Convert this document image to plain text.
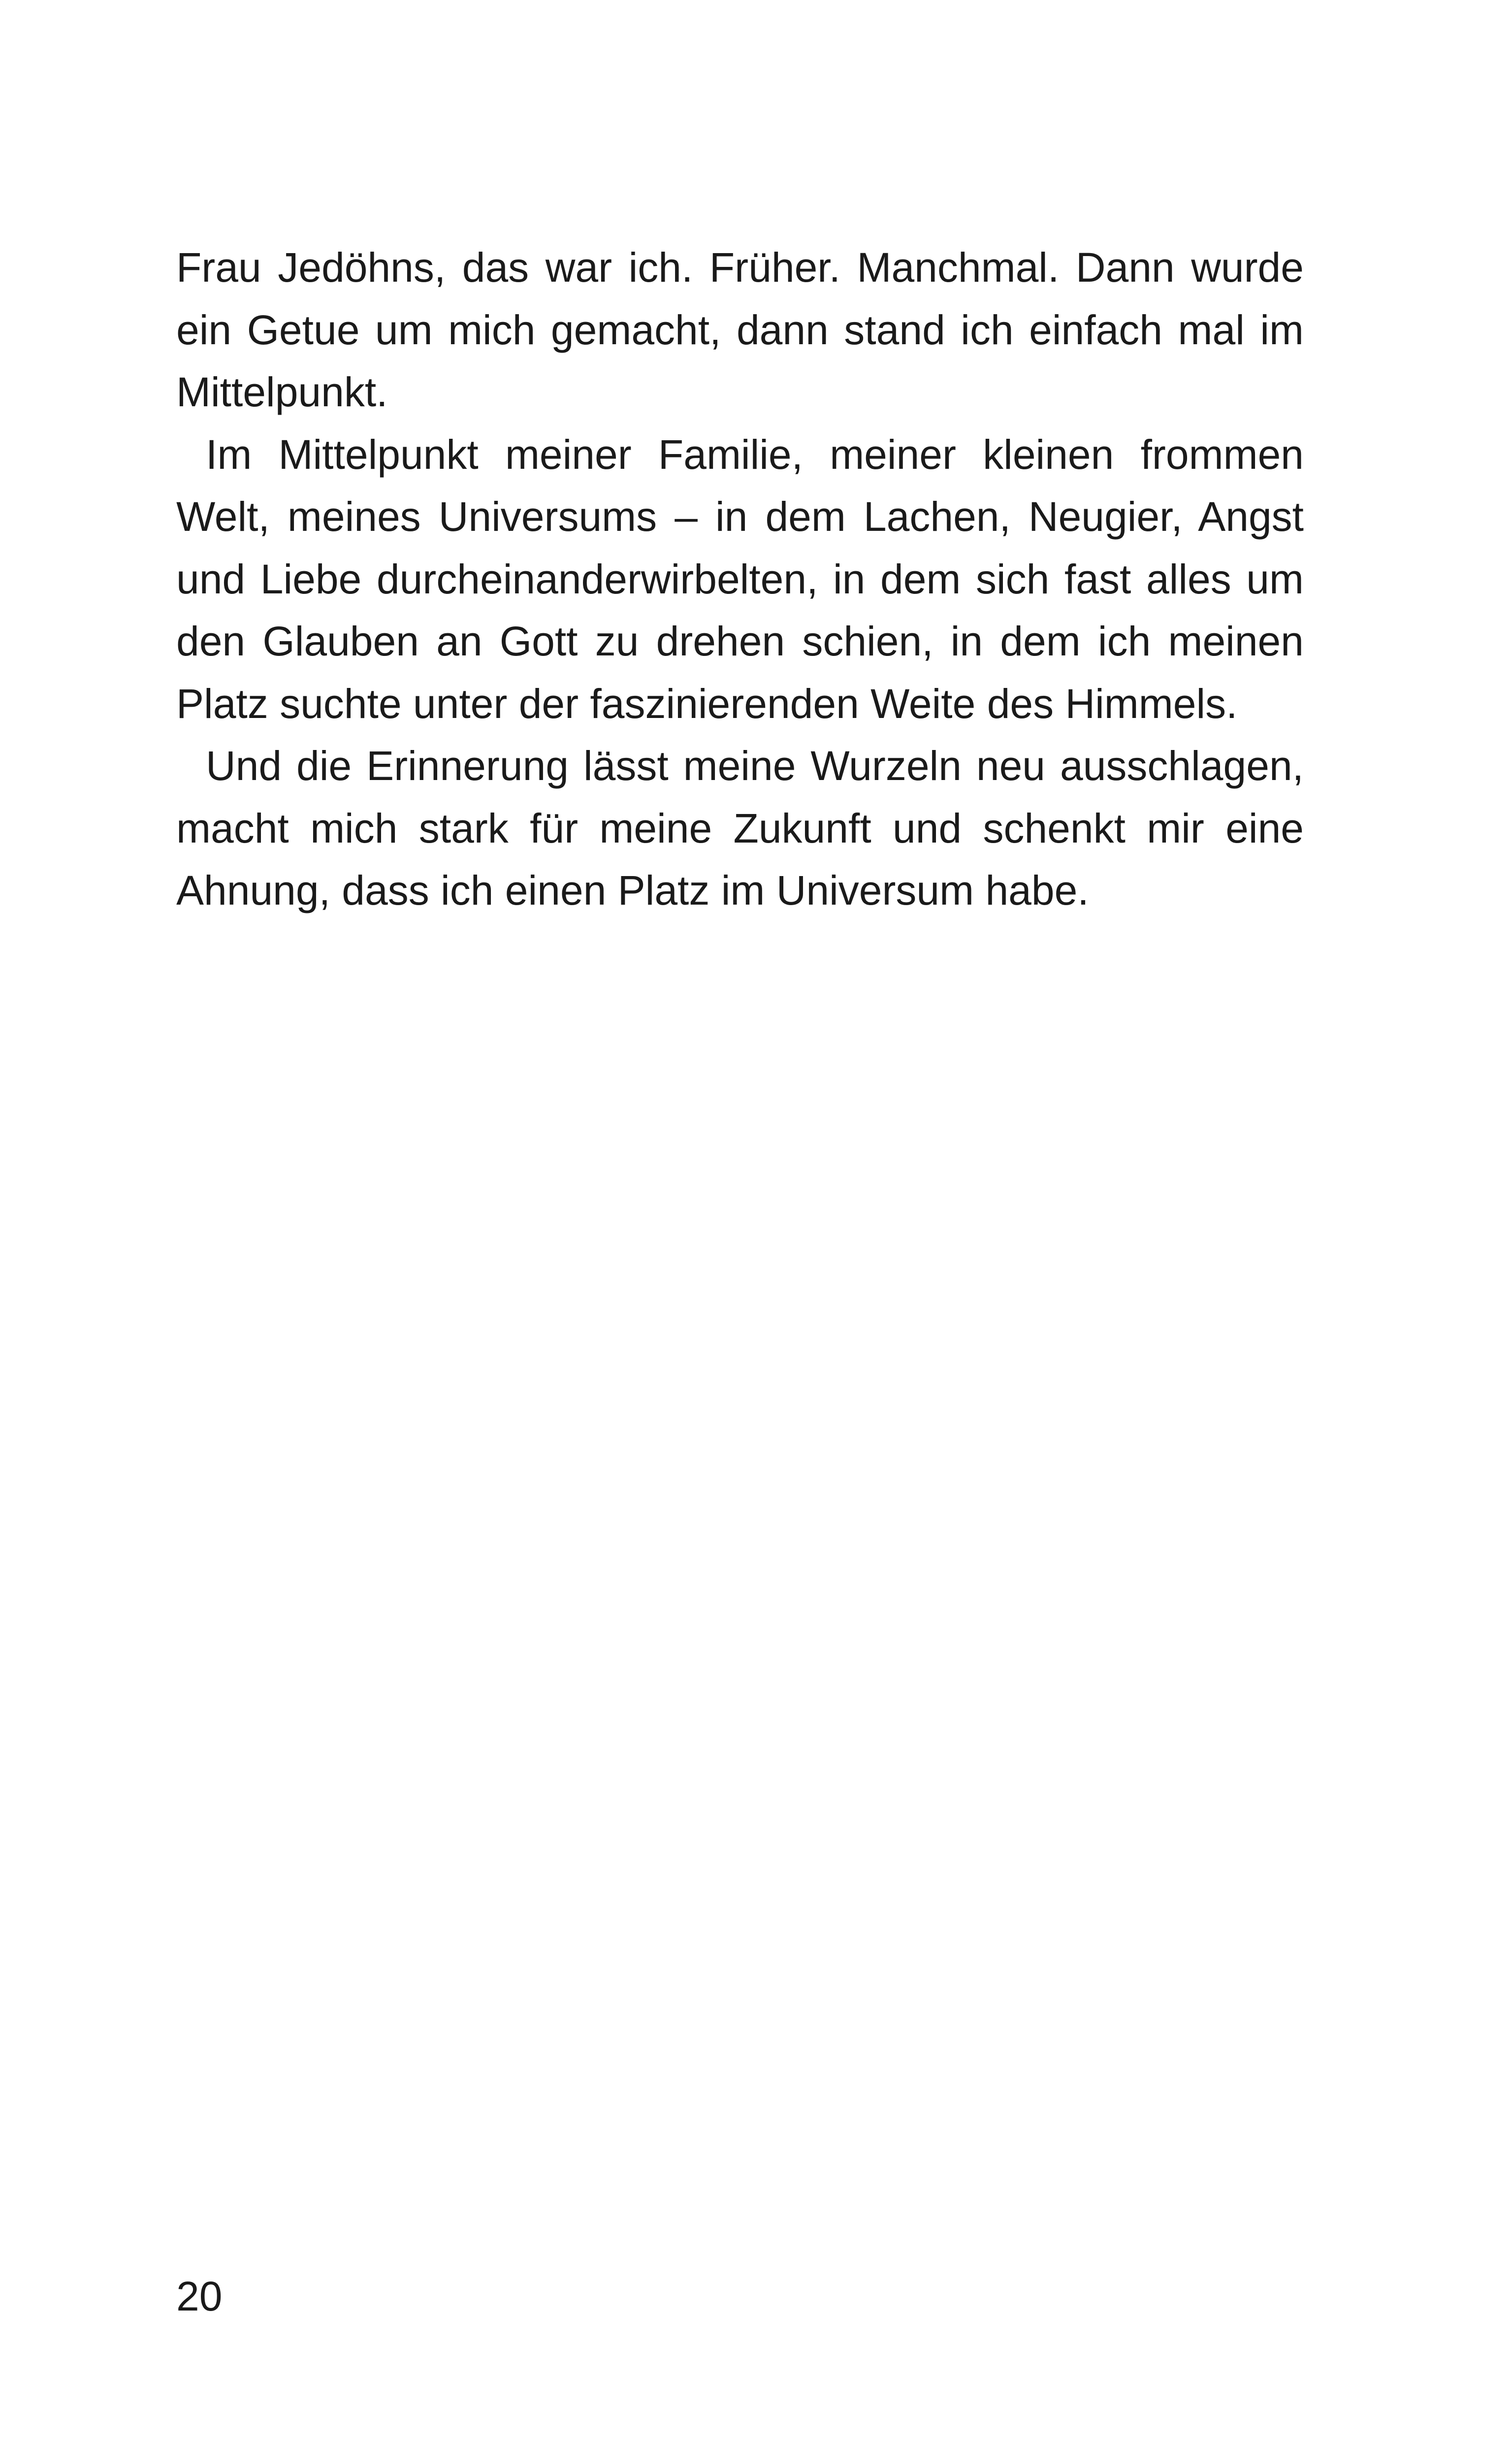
Frau Jedöhns, das war ich. Früher. Manchmal. Dann wurde ein Getue um mich gemacht, dann stand ich einfach mal im Mittelpunkt.

Im Mittelpunkt meiner Familie, meiner kleinen frommen Welt, meines Universums – in dem Lachen, Neugier, Angst und Liebe durcheinanderwirbelten, in dem sich fast alles um den Glauben an Gott zu drehen schien, in dem ich meinen Platz suchte unter der faszinierenden Weite des Himmels.

Und die Erinnerung lässt meine Wurzeln neu ausschlagen, macht mich stark für meine Zukunft und schenkt mir eine Ahnung, dass ich einen Platz im Universum habe.

20
